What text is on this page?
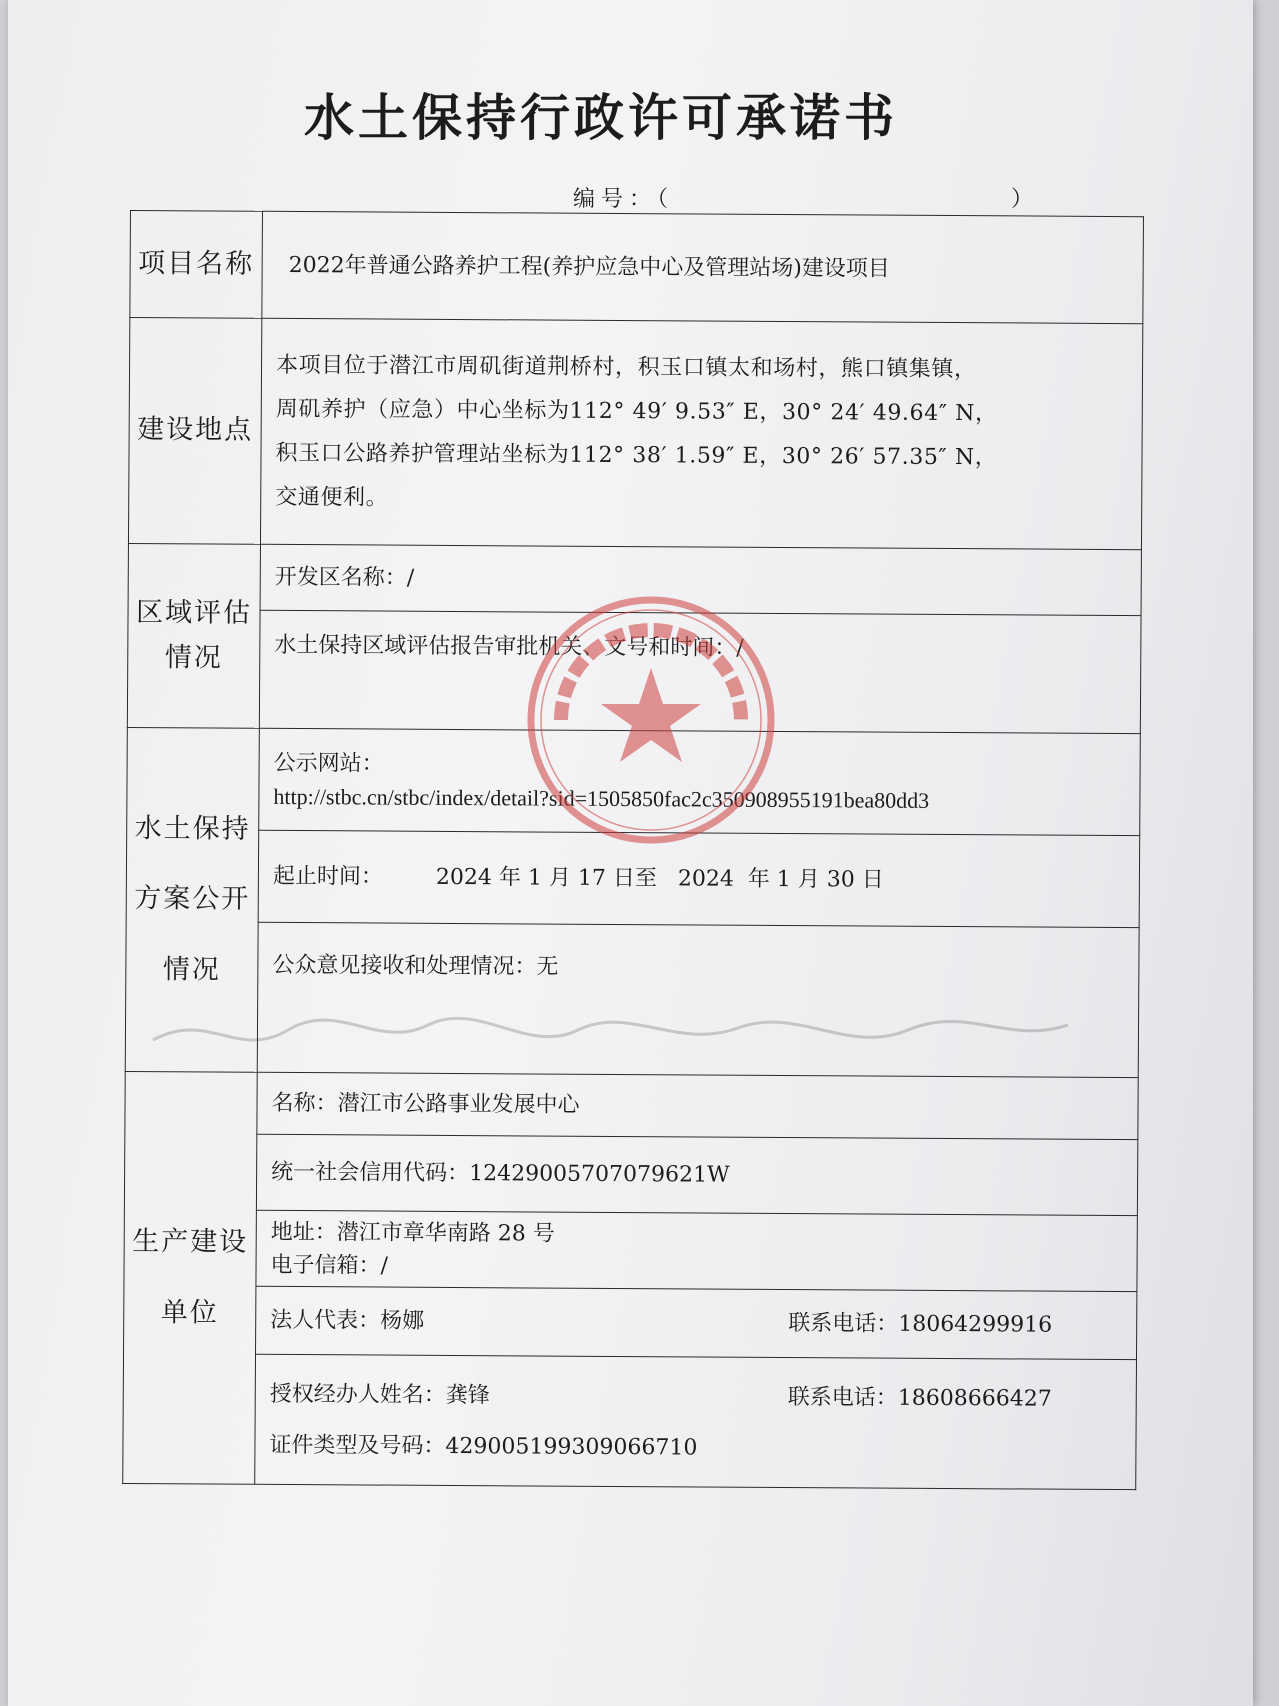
水土保持行政许可承诺书
编号：（	）
项目名称	2022年普通公路养护工程(养护应急中心及管理站场)建设项目
建设地点	本项目位于潜江市周矶街道荆桥村，积玉口镇太和场村，熊口镇集镇，

周矶养护（应急）中心坐标为112° 49′ 9.53″ E，30° 24′ 49.64″ N，

积玉口公路养护管理站坐标为112° 38′ 1.59″ E，30° 26′ 57.35″ N，

交通便利。

区域评估情况	开发区名称：/
	水土保持区域评估报告审批机关、文号和时间：/
水土保持方案公开情况	公示网站：
http://stbc.cn/stbc/index/detail?sid=1505850fac2c350908955191bea80dd3

	起止时间： 2024 年 1 月 17 日至   2024  年 1 月 30 日
	公众意见接收和处理情况：无
生产建设单位	名称：潜江市公路事业发展中心
	统一社会信用代码：12429005707079621W

	地址：潜江市章华南路 28 号
电子信箱：/

	法人代表：杨娜 联系电话：18064299916

	授权经办人姓名：龚锋 联系电话：18608666427
证件类型及号码：429005199309066710
